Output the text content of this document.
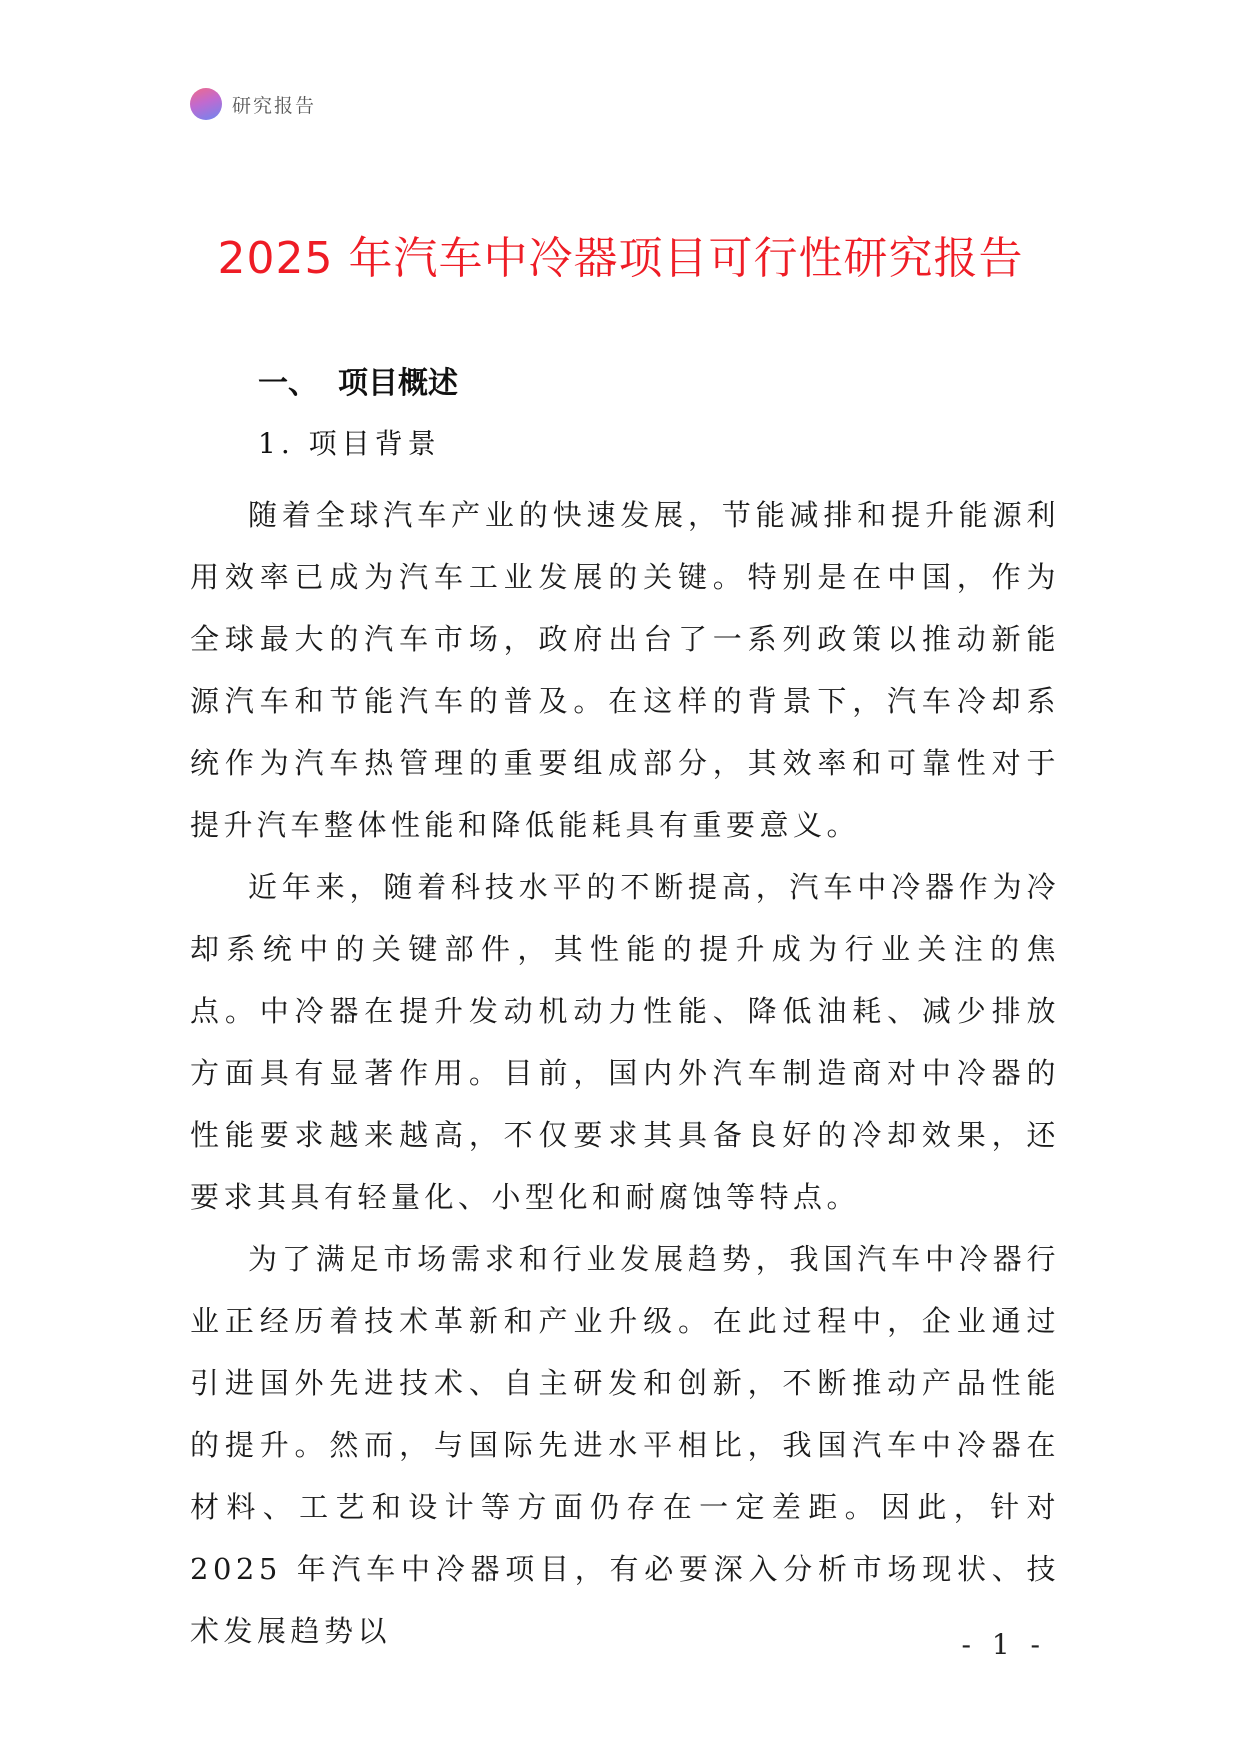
研究报告
2025 年汽车中冷器项目可行性研究报告
一、 项目概述
1. 项目背景

随着全球汽车产业的快速发展，节能减排和提升能源利用效率已成为汽车工业发展的关键。特别是在中国，作为全球最大的汽车市场，政府出台了一系列政策以推动新能源汽车和节能汽车的普及。在这样的背景下，汽车冷却系统作为汽车热管理的重要组成部分，其效率和可靠性对于提升汽车整体性能和降低能耗具有重要意义。

近年来，随着科技水平的不断提高，汽车中冷器作为冷却系统中的关键部件，其性能的提升成为行业关注的焦点。中冷器在提升发动机动力性能、降低油耗、减少排放方面具有显著作用。目前，国内外汽车制造商对中冷器的性能要求越来越高，不仅要求其具备良好的冷却效果，还要求其具有轻量化、小型化和耐腐蚀等特点。

为了满足市场需求和行业发展趋势，我国汽车中冷器行业正经历着技术革新和产业升级。在此过程中，企业通过引进国外先进技术、自主研发和创新，不断推动产品性能的提升。然而，与国际先进水平相比，我国汽车中冷器在材料、工艺和设计等方面仍存在一定差距。因此，针对 2025 年汽车中冷器项目，有必要深入分析市场现状、技术发展趋势以	- 1 -
